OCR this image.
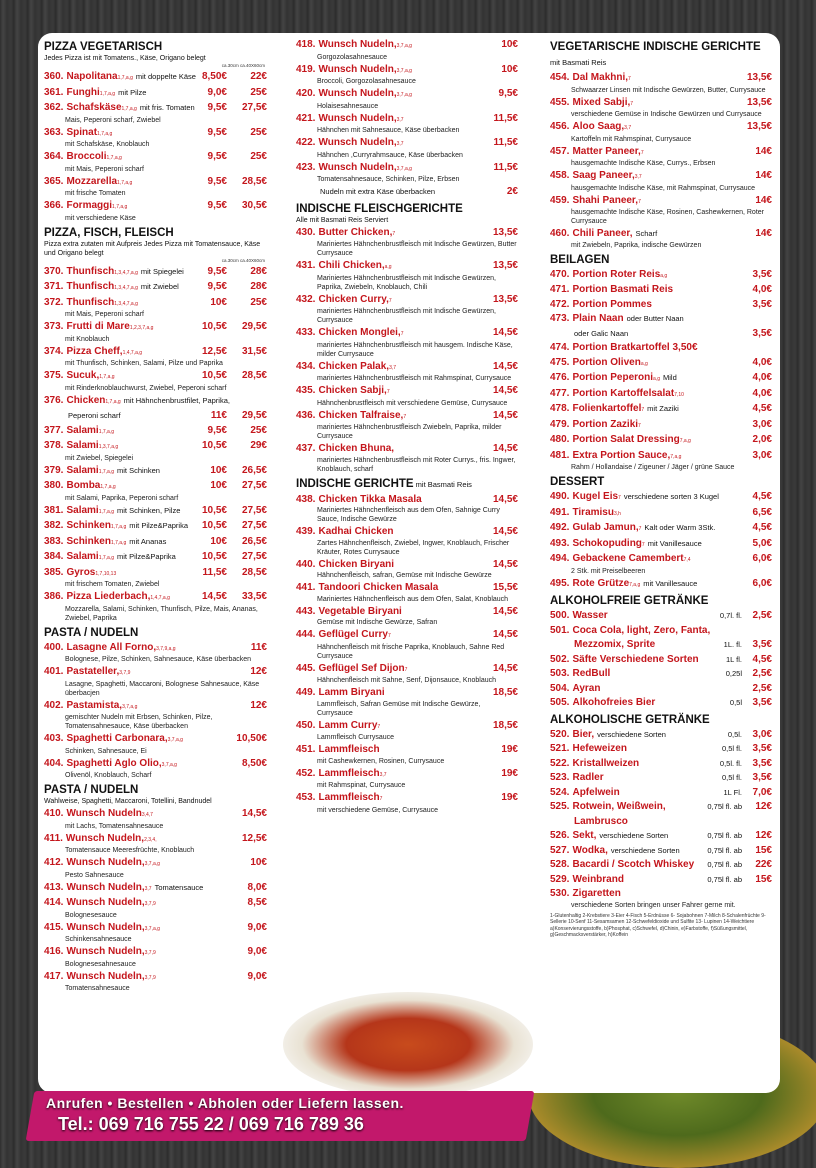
PIZZA VEGETARISCH
Jedes Pizza ist mit Tomatens., Käse, Origano belegt
ca.30cm ca.40X60cm
360. Napolitana 1,7,a,g mit doppelte Käse 8,50€	22€
361. Funghi 1,7,a,g mit Pilze	9,0€	25€
362. Schafskäse 1,7,a,g mit fris. Tomaten	9,5€	27,5€
Mais, Peperoni scharf, Zwiebel
363. Spinat 1,7,a,g	9,5€	25€
mit Schafskäse, Knoblauch
364. Broccoli 1,7,a,g	9,5€	25€
mit Mais, Peperoni scharf
365. Mozzarella 1,7,a,g	9,5€	28,5€
mit frische Tomaten
366. Formaggi 1,7,a,g	9,5€	30,5€
mit verschiedene Käse
PIZZA, FISCH, FLEISCH
Pizza extra zutaten mit Aufpreis Jedes Pizza mit Tomatensauce, Käse und Origano belegt
ca.30cm ca.40X60cm
370. Thunfisch 1,3,4,7,a,g mit Spiegelei	9,5€	28€
371. Thunfisch 1,3,4,7,a,g mit Zwiebel	9,5€	28€
372. Thunfisch 1,3,4,7,a,g	10€	25€
mit Mais, Peperoni scharf
373. Frutti di Mare 1,2,3,7,a,g	10,5€	29,5€
mit Knoblauch
374. Pizza Cheff, 1,4,7,a,g	12,5€	31,5€
mit Thunfisch, Schinken, Salami, Pilze und Paprika
375. Sucuk, 1,7,a,g	10,5€	28,5€
mit Rinderknoblauchwurst, Zwiebel, Peperoni scharf
376. Chicken 1,7,a,g mit Hähnchenbrustfilet, Paprika,
Peperoni scharf	11€	29,5€
377. Salami 1,7,a,g	9,5€	25€
378. Salami 1,3,7,a,g	10,5€	29€
mit Zwiebel, Spiegelei
379. Salami 1,7,a,g mit Schinken	10€	26,5€
380. Bomba 1,7,a,g	10€	27,5€
mit Salami, Paprika, Peperoni scharf
381. Salami 1,7,a,g mit Schinken, Pilze	10,5€	27,5€
382. Schinken 1,7,a,g mit Pilze&Paprika	10,5€	27,5€
383. Schinken 1,7,a,g mit Ananas	10€	26,5€
384. Salami 1,7,a,g mit Pilze&Paprika	10,5€	27,5€
385. Gyros 1,7,10,13	11,5€	28,5€
mit frischem Tomaten, Zwiebel
386. Pizza Liederbach, 1,4,7,a,g	14,5€	33,5€
Mozzarella, Salami, Schinken, Thunfisch, Pilze, Mais, Ananas, Zwiebel, Paprika
PASTA / NUDELN
400. Lasagne All Forno, 3,7,9,a,g	11€
Bolognese, Pilze, Schinken, Sahnesauce, Käse überbacken
401. Pastateller, 3,7,9	12€
Lasagne, Spaghetti, Maccaroni, Bolognese Sahnesauce, Käse überbacjen
402. Pastamista, 3,7,a,g	12€
gemischter Nudeln mit Erbsen, Schinken, Pilze, Tomatensahnesauce, Käse überbacken
403. Spaghetti Carbonara, 3,7,a,g	10,50€
Schinken, Sahnesauce, Ei
404. Spaghetti Aglo Olio, 3,7,a,g	8,50€
Olivenöl, Knoblauch, Scharf
PASTA / NUDELN
Wahlweise, Spaghetti, Maccaroni, Totellini, Bandnudel
410. Wunsch Nudeln 3,4,7	14,5€
mit Lachs, Tomatensahnesauce
411. Wunsch Nudeln, 2,3,4,	12,5€
Tomatensauce Meeresfrüchte, Knoblauch
412. Wunsch Nudeln, 3,7,a,g	10€
Pesto Sahnesauce
413. Wunsch Nudeln, 3,7 Tomatensauce	8,0€
414. Wunsch Nudeln, 3,7,9	8,5€
Bolognesesauce
415. Wunsch Nudeln, 3,7,a,g	9,0€
Schinkensahnesauce
416. Wunsch Nudeln, 3,7,9	9,0€
Bolognesesahnesauce
417. Wunsch Nudeln, 3,7,9	9,0€
Tomatensahnesauce
418. Wunsch Nudeln, 3,7,a,g	10€
Gorgozolasahnesauce
419. Wunsch Nudeln, 3,7,a,g	10€
Broccoli, Gorgozolasahnesauce
420. Wunsch Nudeln, 3,7,a,g	9,5€
Holaisesahnesauce
421. Wunsch Nudeln, 3,7	11,5€
Hähnchen mit Sahnesauce, Käse überbacken
422. Wunsch Nudeln, 3,7	11,5€
Hähnchen ,Curryrahmsauce, Käse überbacken
423. Wunsch Nudeln, 3,7,a,g	11,5€
Tomatensahnesauce, Schinken, Pilze, Erbsen
Nudeln mit extra Käse überbacken	2€
INDISCHE FLEISCHGERICHTE
Alle mit Basmati Reis Serviert
430. Butter Chicken, 7	13,5€
Mariniertes Hähnchenbrustfleisch mit Indische Gewürzen, Butter Currysauce
431. Chili Chicken, a,g	13,5€
Mariniertes Hähnchenbrustfleisch mit Indische Gewürzen, Paprika, Zwiebeln, Knoblauch, Chili
432. Chicken Curry, 7	13,5€
mariniertes Hähnchenbrustfleisch mit Indische Gewürzen, Currysauce
433. Chicken Monglei, 7	14,5€
mariniertes Hähnchenbrustfleisch mit hausgem. Indische Käse, milder Currysauce
434. Chicken Palak, 3,7	14,5€
mariniertes Hähnchenbrustfleisch mit Rahmspinat, Currysauce
435. Chicken Sabji, 7	14,5€
Hähnchenbrustfleisch mit verschiedene Gemüse, Currysauce
436. Chicken Talfraise, 7	14,5€
mariniertes Hähnchenbrustfleisch Zwiebeln, Paprika, milder Currysauce
437. Chicken Bhuna,	14,5€
mariniertes Hähnchenbrustfleisch mit Roter Currys., fris. Ingwer, Knoblauch, scharf
INDISCHE GERICHTE mit Basmati Reis
438. Chicken Tikka Masala	14,5€
Mariniertes Hähnchenfleisch aus dem Ofen, Sahnige Curry Sauce, Indische Gewürze
439. Kadhai Chicken	14,5€
Zartes Hähnchenfleisch, Zwiebel, Ingwer, Knoblauch, Frischer Kräuter, Rotes Currysauce
440. Chicken Biryani	14,5€
Hähnchenfleisch, safran, Gemüse mit Indische Gewürze
441. Tandoori Chicken Masala	15,5€
Mariniertes Hähnchenfleisch aus dem Ofen, Salat, Knoblauch
443. Vegetable Biryani	14,5€
Gemüse mit Indische Gewürze, Safran
444. Geflügel Curry 7	14,5€
Hähnchenfleisch mit frische Paprika, Knoblauch, Sahne Red Currysauce
445. Geflügel Sef Dijon 7	14,5€
Hähnchenfleisch mit Sahne, Senf, Dijonsauce, Knoblauch
449. Lamm Biryani	18,5€
Lammfleisch, Safran Gemüse mit Indische Gewürze, Currysauce
450. Lamm Curry 7	18,5€
Lammfleisch Currysauce
451. Lammfleisch	19€
mit Cashewkernen, Rosinen, Currysauce
452. Lammfleisch 3,7	19€
mit Rahmspinat, Currysauce
453. Lammfleisch 7	19€
mit verschiedene Gemüse, Currysauce
VEGETARISCHE INDISCHE GERICHTE mit Basmati Reis
454. Dal Makhni, 7	13,5€
Schwaarzer Linsen mit Indische Gewürzen, Butter, Currysauce
455. Mixed Sabji, 7	13,5€
verschiedene Gemüse in Indische Gewürzen und Currysauce
456. Aloo Saag, 3,7	13,5€
Kartoffeln mit Rahmspinat, Currysauce
457. Matter Paneer, 7	14€
hausgemachte Indische Käse, Currys., Erbsen
458. Saag Paneer, 3,7	14€
hausgemachte Indische Käse, mit Rahmspinat, Currysauce
459. Shahi Paneer, 7	14€
hausgemachte Indische Käse, Rosinen, Cashewkernen, Roter Currysauce
460. Chili Paneer, Scharf	14€
mit Zwiebeln, Paprika, indische Gewürzen
BEILAGEN
470. Portion Roter Reis a,g	3,5€
471. Portion Basmati Reis	4,0€
472. Portion Pommes	3,5€
473. Plain Naan oder Butter Naan
oder Galic Naan	3,5€
474. Portion Bratkartoffel 3,50€
475. Portion Oliven a,g	4,0€
476. Portion Peperoni a,g Mild	4,0€
477. Portion Kartoffelsalat 7,10	4,0€
478. Folienkartoffel 7 mit Zaziki	4,5€
479. Portion Zaziki 7	3,0€
480. Portion Salat Dressing 7,a,g	2,0€
481. Extra Portion Sauce, 7,a,g	3,0€
Rahm / Hollandaise / Zigeuner / Jäger / grüne Sauce
DESSERT
490. Kugel Eis 7 verschiedene sorten 3 Kugel	4,5€
491. Tiramisu 3,h	6,5€
492. Gulab Jamun, 7 Kalt oder Warm 3Stk.	4,5€
493. Schokopuding 7 mit Vanillesauce	5,0€
494. Gebackene Camembert 7,4	6,0€
2 Stk. mit Preiselbeeren
495. Rote Grütze 7,a,g mit Vanillesauce	6,0€
ALKOHOLFREIE GETRÄNKE
500. Wasser	0,7l. fl.	2,5€
501. Coca Cola, light, Zero, Fanta,
Mezzomix, Sprite	1L. fl.	3,5€
502. Säfte Verschiedene Sorten	1L fl.	4,5€
503. RedBull	0,25l	2,5€
504. Ayran	2,5€
505. Alkohofreies Bier	0,5l	3,5€
ALKOHOLISCHE GETRÄNKE
520. Bier, verschiedene Sorten	0,5l.	3,0€
521. Hefeweizen	0,5l fl.	3,5€
522. Kristallweizen	0,5l. fl.	3,5€
523. Radler	0,5l fl.	3,5€
524. Apfelwein	1L Fl.	7,0€
525. Rotwein, Weißwein,	0,75l fl. ab	12€
Lambrusco
526. Sekt, verschiedene Sorten	0,75l fl. ab	12€
527. Wodka, verschiedene Sorten	0,75l fl. ab	15€
528. Bacardi / Scotch Whiskey 0,75l fl. ab	22€
529. Weinbrand	0,75l fl. ab	15€
530. Zigaretten
verschiedene Sorten bringen unser Fahrer gerne mit.
1-Glutenhaltig 2-Krebstiere 3-Eier 4-Fisch 5-Erdnüsse 6- Sojabohnen 7-Milch 8-Schalenfrüchte 9-Sellerie 10-Senf 11-Sesamsamen 12-Schwefeldioxide und Sulfite 13- Lupinen 14-Weichtiere a)Konservierungsstoffe, b)Phosphat, c)Schwefel, d)Chinin, e)Farbstoffe, f)Süßungsmittel, g)Geschmacksverstärker, h)Koffein
Anrufen • Bestellen • Abholen oder Liefern lassen.
Tel.: 069 716 755 22 / 069 716 789 36
